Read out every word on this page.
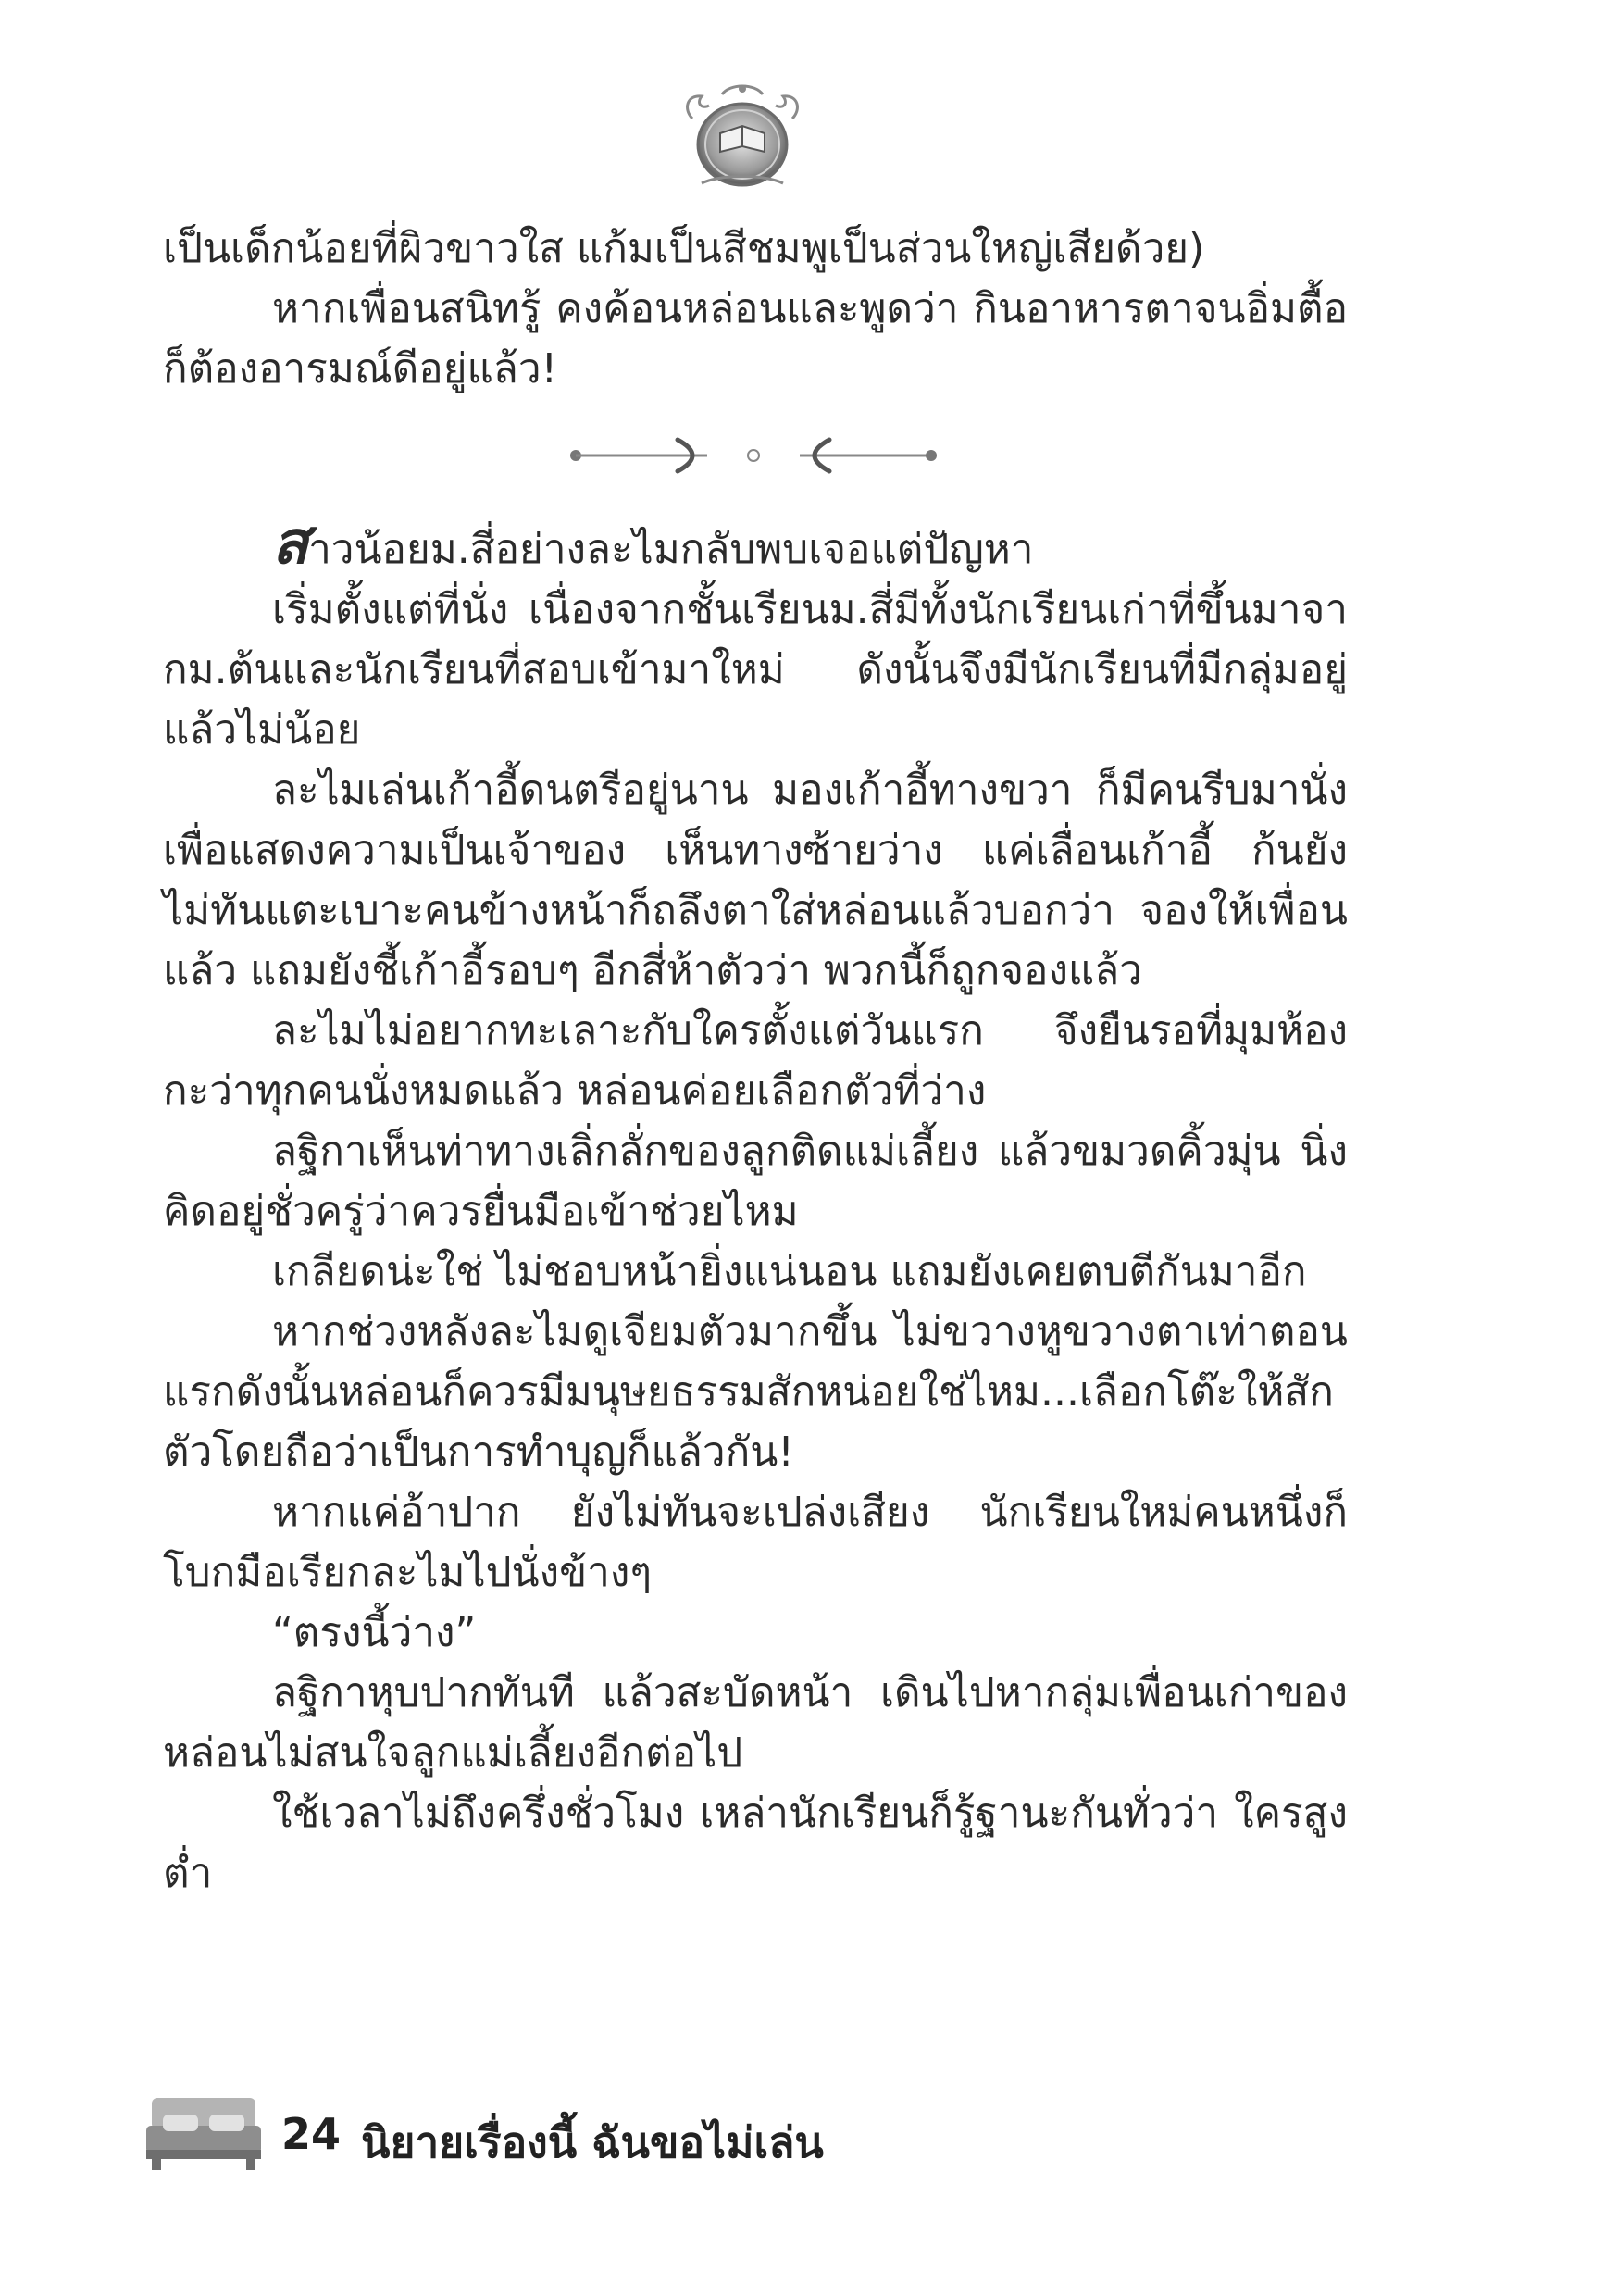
เป็นเด็กน้อยที่ผิวขาวใส แก้มเป็นสีชมพูเป็นส่วนใหญ่เสียด้วย)

หากเพื่อนสนิทรู้ คงค้อนหล่อนและพูดว่า กินอาหารตาจนอิ่มตื้อก็ต้องอารมณ์ดีอยู่แล้ว!

สาวน้อยม.สี่อย่างละไมกลับพบเจอแต่ปัญหา

เริ่มตั้งแต่ที่นั่ง เนื่องจากชั้นเรียนม.สี่มีทั้งนักเรียนเก่าที่ขึ้นมาจากม.ต้นและนักเรียนที่สอบเข้ามาใหม่ ดังนั้นจึงมีนักเรียนที่มีกลุ่มอยู่แล้วไม่น้อย

ละไมเล่นเก้าอี้ดนตรีอยู่นาน มองเก้าอี้ทางขวา ก็มีคนรีบมานั่งเพื่อแสดงความเป็นเจ้าของ เห็นทางซ้ายว่าง แค่เลื่อนเก้าอี้ ก้นยังไม่ทันแตะเบาะคนข้างหน้าก็ถลึงตาใส่หล่อนแล้วบอกว่า จองให้เพื่อนแล้ว แถมยังชี้เก้าอี้รอบๆ อีกสี่ห้าตัวว่า พวกนี้ก็ถูกจองแล้ว

ละไมไม่อยากทะเลาะกับใครตั้งแต่วันแรก จึงยืนรอที่มุมห้อง กะว่าทุกคนนั่งหมดแล้ว หล่อนค่อยเลือกตัวที่ว่าง

ลฐิกาเห็นท่าทางเลิ่กลั่กของลูกติดแม่เลี้ยง แล้วขมวดคิ้วมุ่น นิ่งคิดอยู่ชั่วครู่ว่าควรยื่นมือเข้าช่วยไหม

เกลียดน่ะใช่ ไม่ชอบหน้ายิ่งแน่นอน แถมยังเคยตบตีกันมาอีก

หากช่วงหลังละไมดูเจียมตัวมากขึ้น ไม่ขวางหูขวางตาเท่าตอนแรกดังนั้นหล่อนก็ควรมีมนุษยธรรมสักหน่อยใช่ไหม...เลือกโต๊ะให้สักตัวโดยถือว่าเป็นการทำบุญก็แล้วกัน!

หากแค่อ้าปาก ยังไม่ทันจะเปล่งเสียง นักเรียนใหม่คนหนึ่งก็โบกมือเรียกละไมไปนั่งข้างๆ

“ตรงนี้ว่าง”

ลฐิกาหุบปากทันที แล้วสะบัดหน้า เดินไปหากลุ่มเพื่อนเก่าของหล่อนไม่สนใจลูกแม่เลี้ยงอีกต่อไป

ใช้เวลาไม่ถึงครึ่งชั่วโมง เหล่านักเรียนก็รู้ฐานะกันทั่วว่า ใครสูงต่ำ

24 นิยายเรื่องนี้ ฉันขอไม่เล่น
